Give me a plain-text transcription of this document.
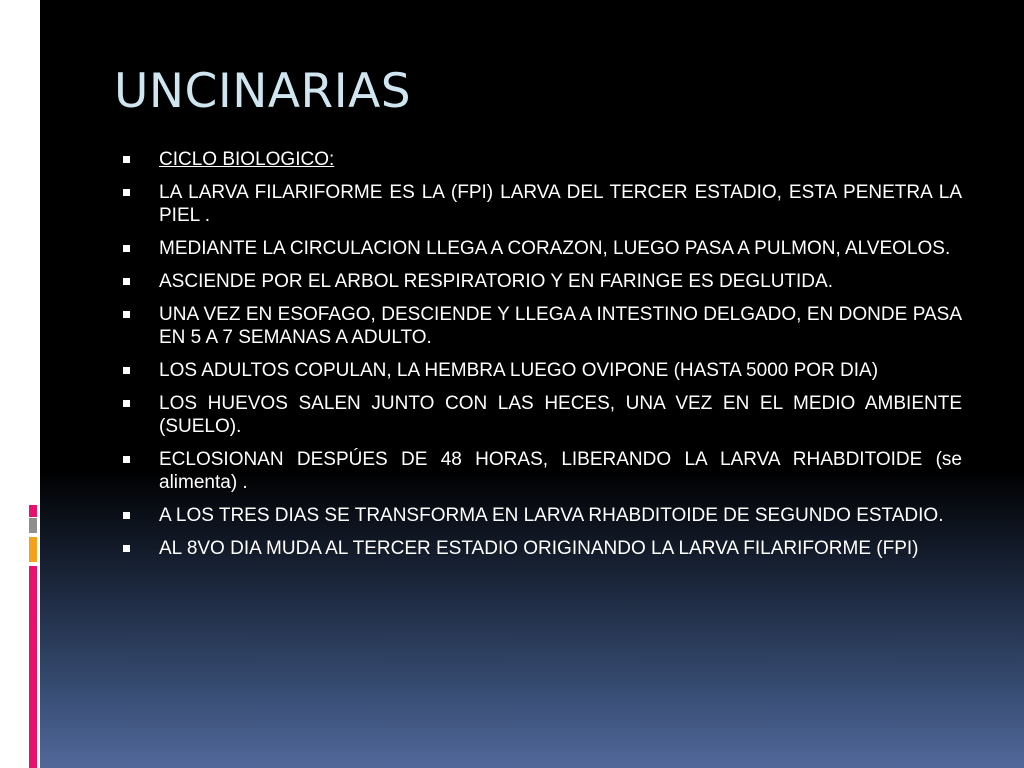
UNCINARIAS
CICLO BIOLOGICO:
LA LARVA FILARIFORME ES LA (FPI) LARVA DEL TERCER ESTADIO, ESTA PENETRA LA PIEL .
MEDIANTE LA CIRCULACION LLEGA A CORAZON, LUEGO PASA A PULMON, ALVEOLOS.
ASCIENDE POR EL ARBOL RESPIRATORIO Y EN FARINGE ES DEGLUTIDA.
UNA VEZ EN ESOFAGO, DESCIENDE Y LLEGA A INTESTINO DELGADO, EN DONDE PASA EN 5 A 7 SEMANAS A ADULTO.
LOS ADULTOS COPULAN, LA HEMBRA LUEGO OVIPONE (HASTA 5000 POR DIA)
LOS HUEVOS SALEN JUNTO CON LAS HECES, UNA VEZ EN EL MEDIO AMBIENTE (SUELO).
ECLOSIONAN DESPÚES DE 48 HORAS, LIBERANDO LA LARVA RHABDITOIDE (se alimenta) .
A LOS TRES DIAS SE TRANSFORMA EN LARVA RHABDITOIDE DE SEGUNDO ESTADIO.
AL 8VO DIA MUDA AL TERCER ESTADIO ORIGINANDO LA LARVA FILARIFORME (FPI)
